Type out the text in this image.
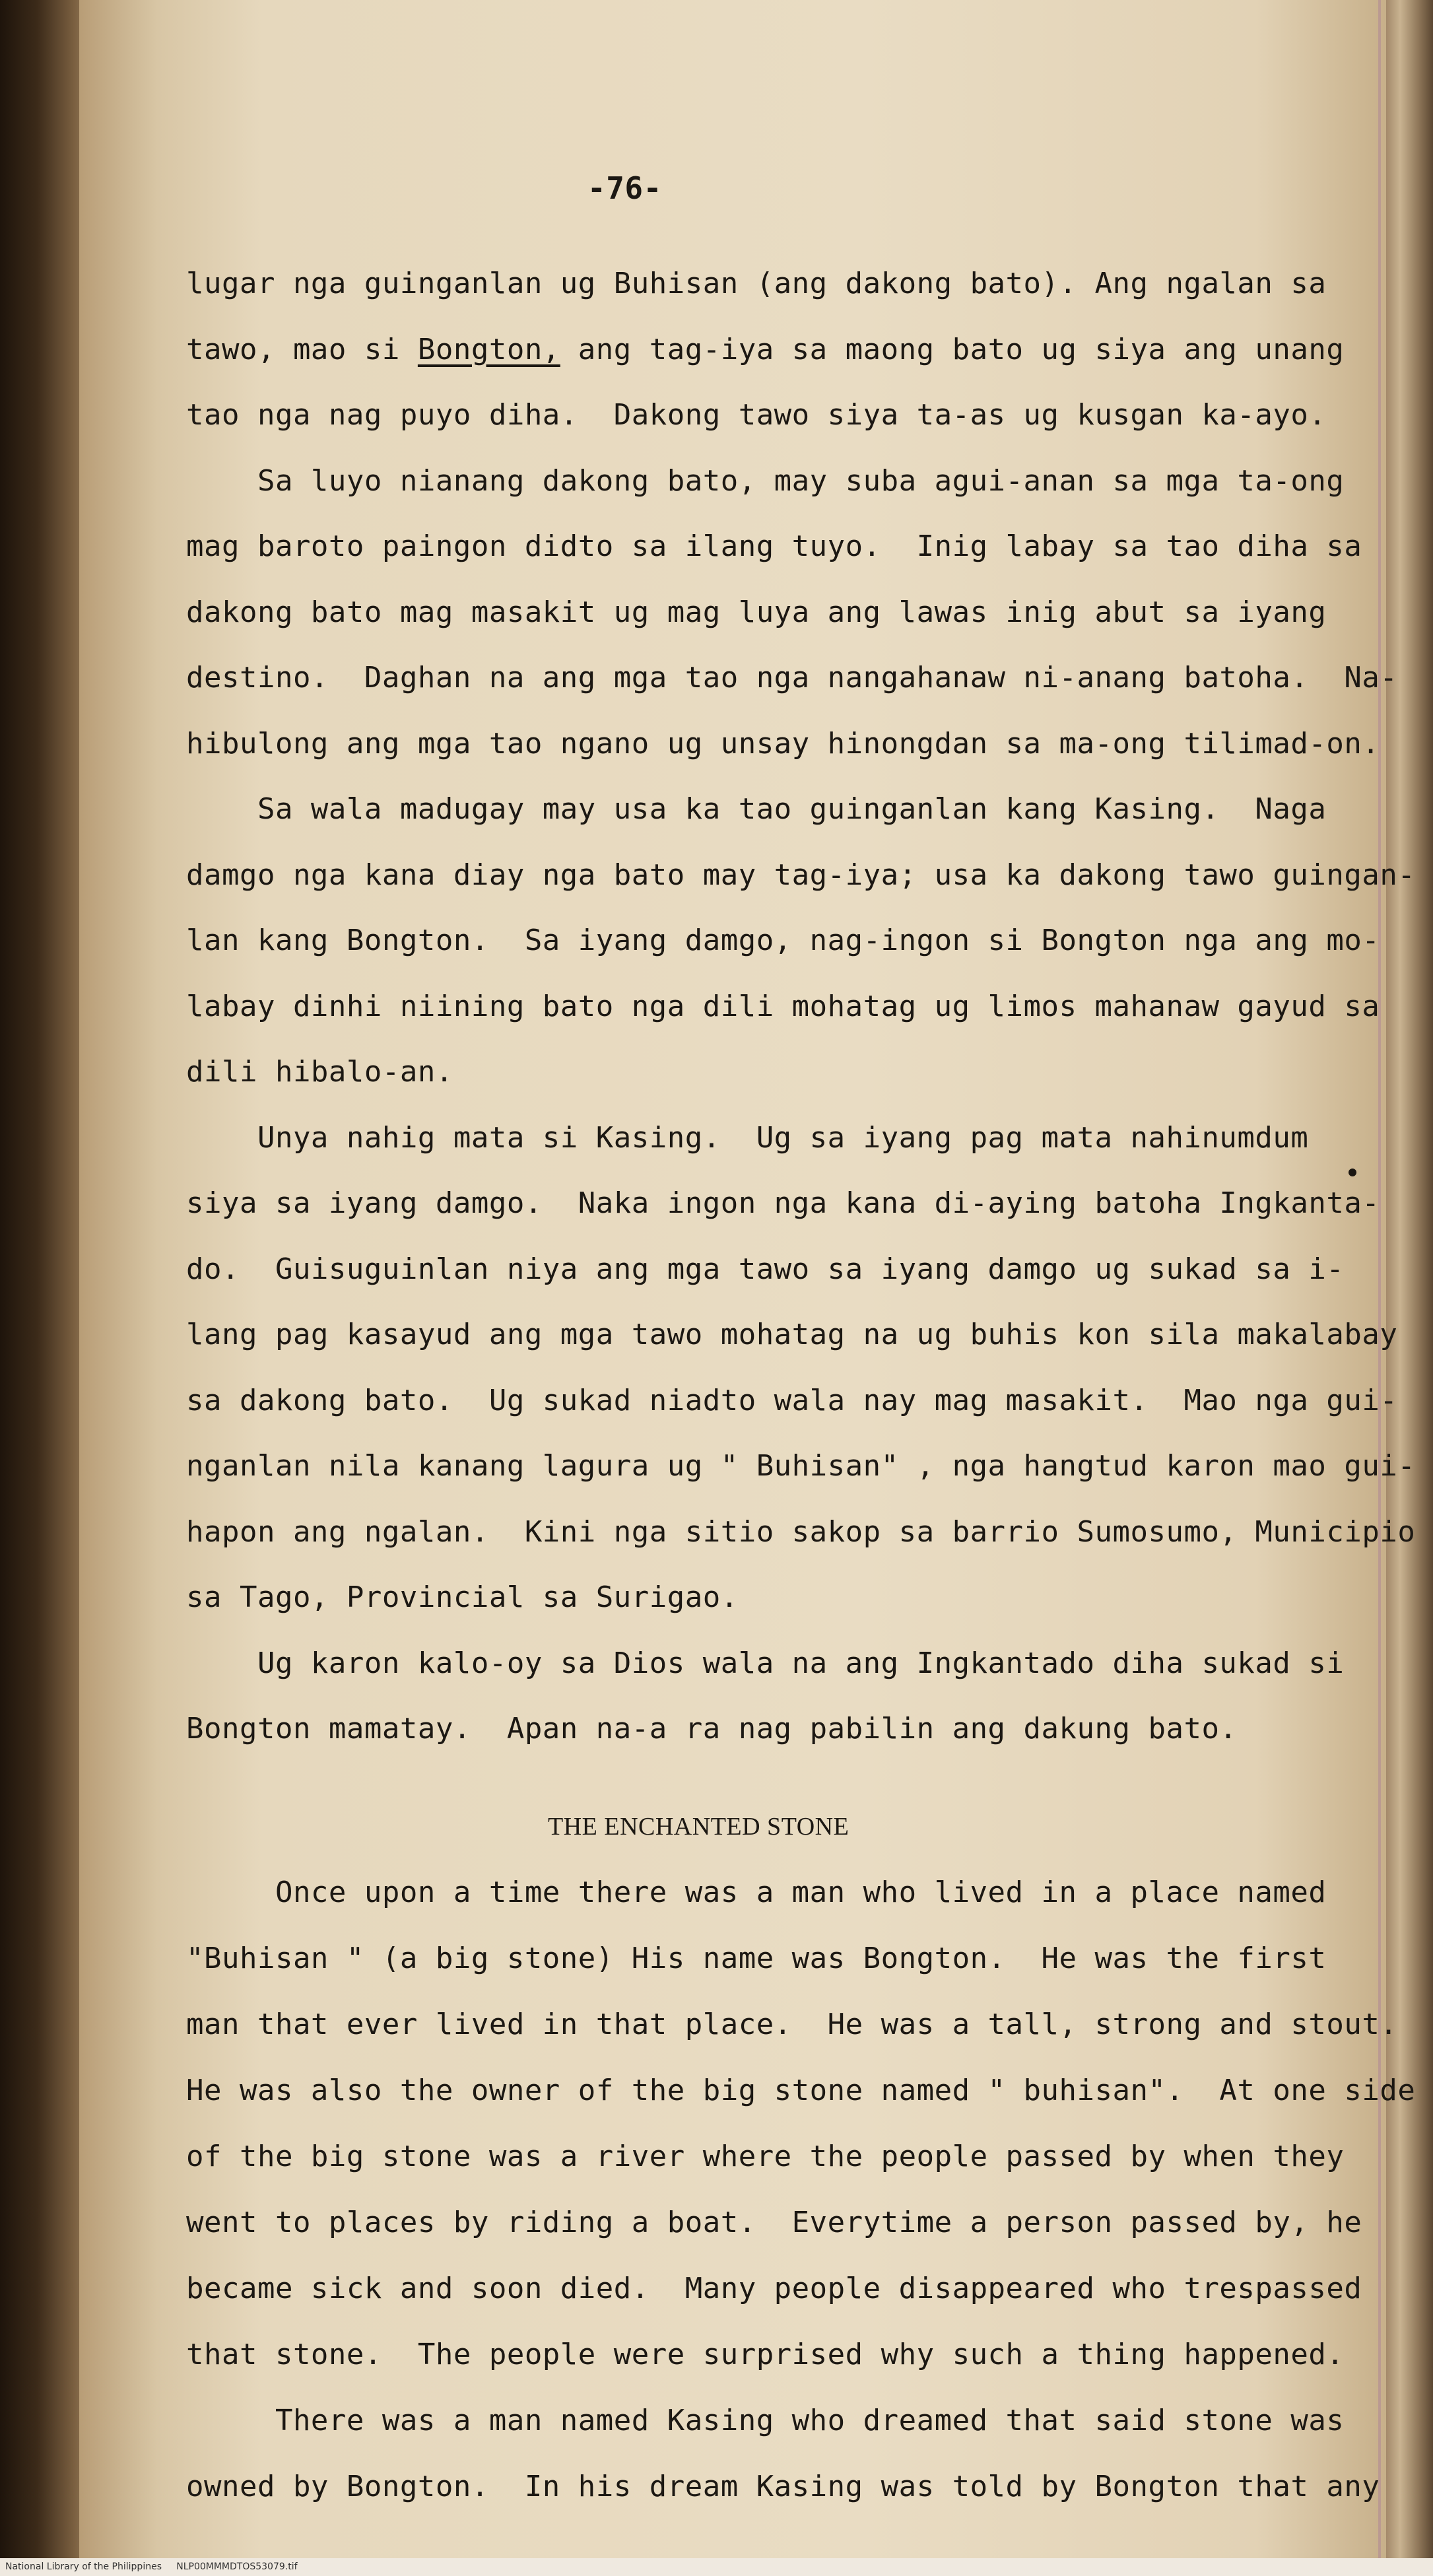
-76-
lugar nga guinganlan ug Buhisan (ang dakong bato). Ang ngalan sa
tawo, mao si Bongton, ang tag-iya sa maong bato ug siya ang unang
tao nga nag puyo diha.  Dakong tawo siya ta-as ug kusgan ka-ayo.
Sa luyo nianang dakong bato, may suba agui-anan sa mga ta-ong
mag baroto paingon didto sa ilang tuyo.  Inig labay sa tao diha sa
dakong bato mag masakit ug mag luya ang lawas inig abut sa iyang
destino.  Daghan na ang mga tao nga nangahanaw ni-anang batoha.  Na-
hibulong ang mga tao ngano ug unsay hinongdan sa ma-ong tilimad-on.
Sa wala madugay may usa ka tao guinganlan kang Kasing.  Naga
damgo nga kana diay nga bato may tag-iya; usa ka dakong tawo guingan-
lan kang Bongton.  Sa iyang damgo, nag-ingon si Bongton nga ang mo-
labay dinhi niining bato nga dili mohatag ug limos mahanaw gayud sa
dili hibalo-an.
Unya nahig mata si Kasing.  Ug sa iyang pag mata nahinumdum
siya sa iyang damgo.  Naka ingon nga kana di-aying batoha Ingkanta-
do.  Guisuguinlan niya ang mga tawo sa iyang damgo ug sukad sa i-
lang pag kasayud ang mga tawo mohatag na ug buhis kon sila makalabay
sa dakong bato.  Ug sukad niadto wala nay mag masakit.  Mao nga gui-
nganlan nila kanang lagura ug " Buhisan" , nga hangtud karon mao gui-
hapon ang ngalan.  Kini nga sitio sakop sa barrio Sumosumo, Municipio
sa Tago, Provincial sa Surigao.
Ug karon kalo-oy sa Dios wala na ang Ingkantado diha sukad si
Bongton mamatay.  Apan na-a ra nag pabilin ang dakung bato.
THE ENCHANTED STONE
Once upon a time there was a man who lived in a place named
"Buhisan " (a big stone) His name was Bongton.  He was the first
man that ever lived in that place.  He was a tall, strong and stout.
He was also the owner of the big stone named " buhisan".  At one side
of the big stone was a river where the people passed by when they
went to places by riding a boat.  Everytime a person passed by, he
became sick and soon died.  Many people disappeared who trespassed
that stone.  The people were surprised why such a thing happened.
There was a man named Kasing who dreamed that said stone was
owned by Bongton.  In his dream Kasing was told by Bongton that any
National Library of the Philippines     NLP00MMMDTOS53079.tif
